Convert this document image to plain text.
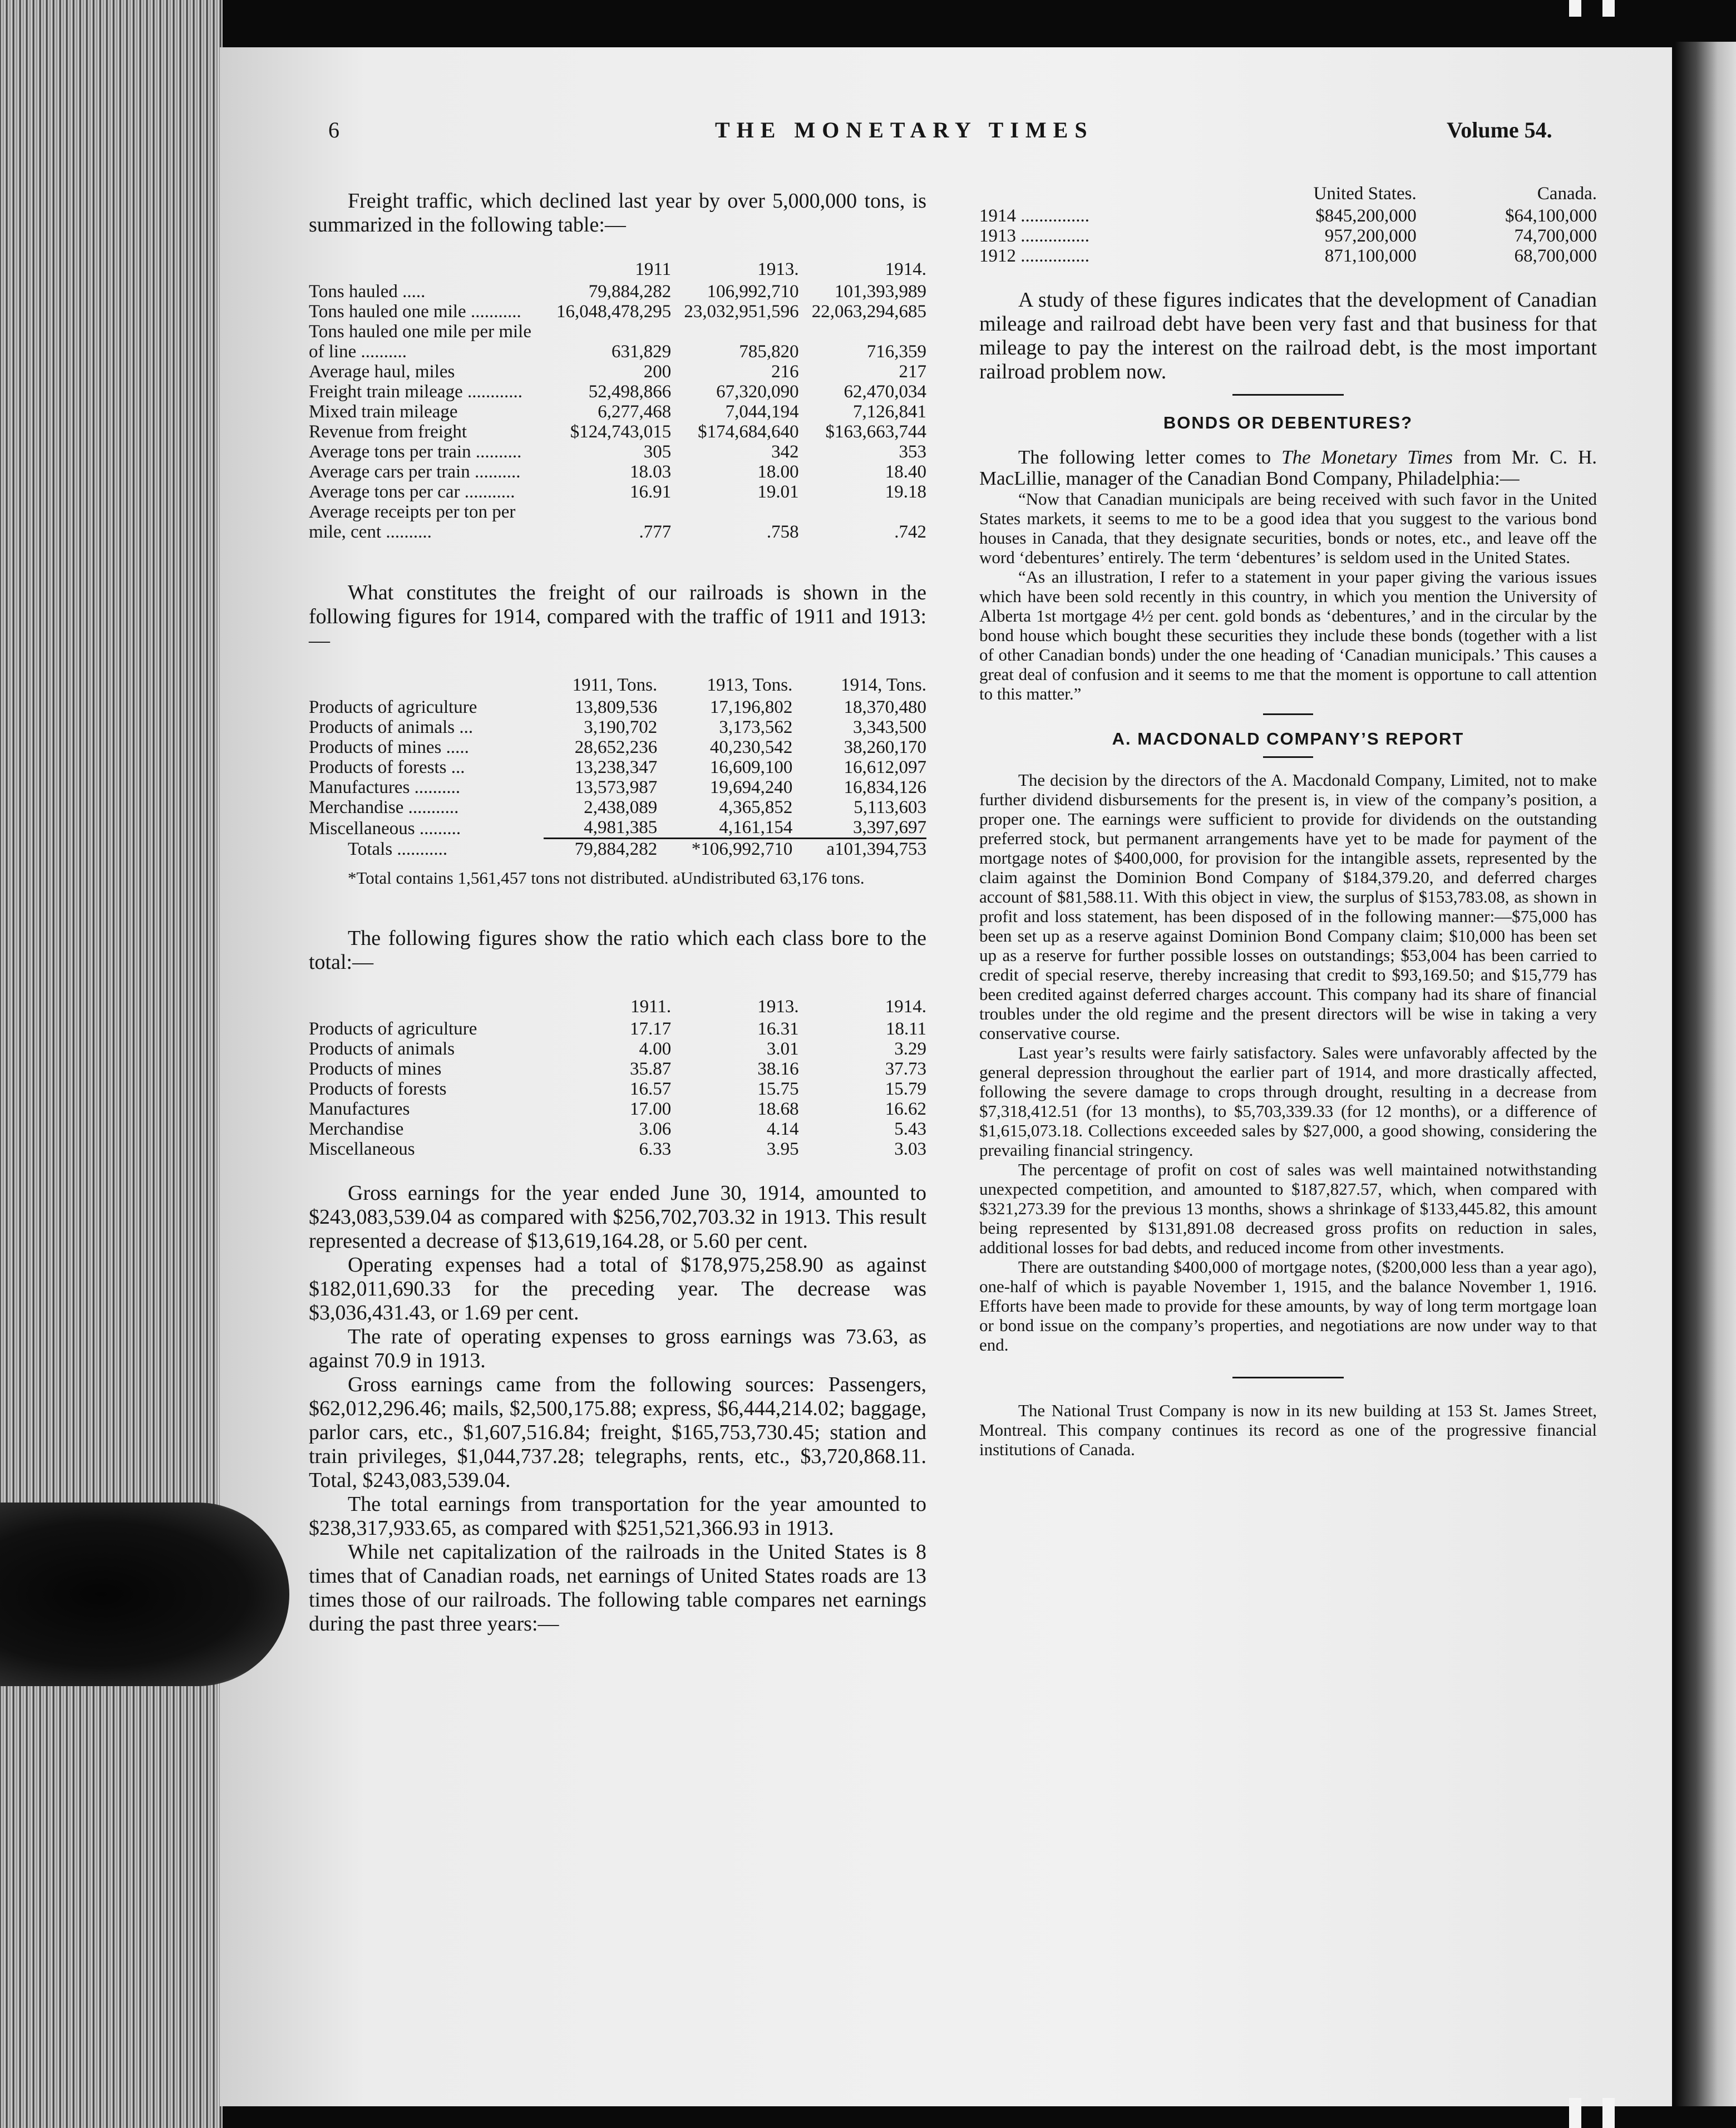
6	THE MONETARY TIMES	Volume 54.

Freight traffic, which declined last year by over 5,000,000 tons, is summarized in the following table:—

	1911	1913.	1914.
Tons hauled .....	79,884,282	106,992,710	101,393,989
Tons hauled one mile ...........	16,048,478,295	23,032,951,596	22,063,294,685
Tons hauled one mile per mile of line ..........	631,829	785,820	716,359
Average haul, miles	200	216	217
Freight train mileage ............	52,498,866	67,320,090	62,470,034
Mixed train mileage	6,277,468	7,044,194	7,126,841
Revenue from freight	$124,743,015	$174,684,640	$163,663,744
Average tons per train ..........	305	342	353
Average cars per train ..........	18.03	18.00	18.40
Average tons per car ...........	16.91	19.01	19.18
Average receipts per ton per mile, cent ..........	.777	.758	.742

What constitutes the freight of our railroads is shown in the following figures for 1914, compared with the traffic of 1911 and 1913:—

	1911, Tons.	1913, Tons.	1914, Tons.
Products of agriculture	13,809,536	17,196,802	18,370,480
Products of animals ...	3,190,702	3,173,562	3,343,500
Products of mines .....	28,652,236	40,230,542	38,260,170
Products of forests ...	13,238,347	16,609,100	16,612,097
Manufactures ..........	13,573,987	19,694,240	16,834,126
Merchandise ...........	2,438,089	4,365,852	5,113,603
Miscellaneous .........	4,981,385	4,161,154	3,397,697
Totals ...........	79,884,282	*106,992,710	a101,394,753

*Total contains 1,561,457 tons not distributed. aUndistributed 63,176 tons.

The following figures show the ratio which each class bore to the total:—

	1911.	1913.	1914.
Products of agriculture	17.17	16.31	18.11
Products of animals	4.00	3.01	3.29
Products of mines	35.87	38.16	37.73
Products of forests	16.57	15.75	15.79
Manufactures	17.00	18.68	16.62
Merchandise	3.06	4.14	5.43
Miscellaneous	6.33	3.95	3.03

Gross earnings for the year ended June 30, 1914, amounted to $243,083,539.04 as compared with $256,702,703.32 in 1913. This result represented a decrease of $13,619,164.28, or 5.60 per cent.

Operating expenses had a total of $178,975,258.90 as against $182,011,690.33 for the preceding year. The decrease was $3,036,431.43, or 1.69 per cent.

The rate of operating expenses to gross earnings was 73.63, as against 70.9 in 1913.

Gross earnings came from the following sources: Passengers, $62,012,296.46; mails, $2,500,175.88; express, $6,444,214.02; baggage, parlor cars, etc., $1,607,516.84; freight, $165,753,730.45; station and train privileges, $1,044,737.28; telegraphs, rents, etc., $3,720,868.11. Total, $243,083,539.04.

The total earnings from transportation for the year amounted to $238,317,933.65, as compared with $251,521,366.93 in 1913.

While net capitalization of the railroads in the United States is 8 times that of Canadian roads, net earnings of United States roads are 13 times those of our railroads. The following table compares net earnings during the past three years:—

	United States.	Canada.
1914 ...............	$845,200,000	$64,100,000
1913 ...............	957,200,000	74,700,000
1912 ...............	871,100,000	68,700,000

A study of these figures indicates that the development of Canadian mileage and railroad debt have been very fast and that business for that mileage to pay the interest on the railroad debt, is the most important railroad problem now.

BONDS OR DEBENTURES?

The following letter comes to The Monetary Times from Mr. C. H. MacLillie, manager of the Canadian Bond Company, Philadelphia:—

“Now that Canadian municipals are being received with such favor in the United States markets, it seems to me to be a good idea that you suggest to the various bond houses in Canada, that they designate securities, bonds or notes, etc., and leave off the word ‘debentures’ entirely. The term ‘debentures’ is seldom used in the United States.

“As an illustration, I refer to a statement in your paper giving the various issues which have been sold recently in this country, in which you mention the University of Alberta 1st mortgage 4½ per cent. gold bonds as ‘debentures,’ and in the circular by the bond house which bought these securities they include these bonds (together with a list of other Canadian bonds) under the one heading of ‘Canadian municipals.’ This causes a great deal of confusion and it seems to me that the moment is opportune to call attention to this matter.”

A. MACDONALD COMPANY’S REPORT

The decision by the directors of the A. Macdonald Company, Limited, not to make further dividend disbursements for the present is, in view of the company’s position, a proper one. The earnings were sufficient to provide for dividends on the outstanding preferred stock, but permanent arrangements have yet to be made for payment of the mortgage notes of $400,000, for provision for the intangible assets, represented by the claim against the Dominion Bond Company of $184,379.20, and deferred charges account of $81,588.11. With this object in view, the surplus of $153,783.08, as shown in profit and loss statement, has been disposed of in the following manner:—$75,000 has been set up as a reserve against Dominion Bond Company claim; $10,000 has been set up as a reserve for further possible losses on outstandings; $53,004 has been carried to credit of special reserve, thereby increasing that credit to $93,169.50; and $15,779 has been credited against deferred charges account. This company had its share of financial troubles under the old regime and the present directors will be wise in taking a very conservative course.

Last year’s results were fairly satisfactory. Sales were unfavorably affected by the general depression throughout the earlier part of 1914, and more drastically affected, following the severe damage to crops through drought, resulting in a decrease from $7,318,412.51 (for 13 months), to $5,703,339.33 (for 12 months), or a difference of $1,615,073.18. Collections exceeded sales by $27,000, a good showing, considering the prevailing financial stringency.

The percentage of profit on cost of sales was well maintained notwithstanding unexpected competition, and amounted to $187,827.57, which, when compared with $321,273.39 for the previous 13 months, shows a shrinkage of $133,445.82, this amount being represented by $131,891.08 decreased gross profits on reduction in sales, additional losses for bad debts, and reduced income from other investments.

There are outstanding $400,000 of mortgage notes, ($200,000 less than a year ago), one-half of which is payable November 1, 1915, and the balance November 1, 1916. Efforts have been made to provide for these amounts, by way of long term mortgage loan or bond issue on the company’s properties, and negotiations are now under way to that end.

The National Trust Company is now in its new building at 153 St. James Street, Montreal. This company continues its record as one of the progressive financial institutions of Canada.
